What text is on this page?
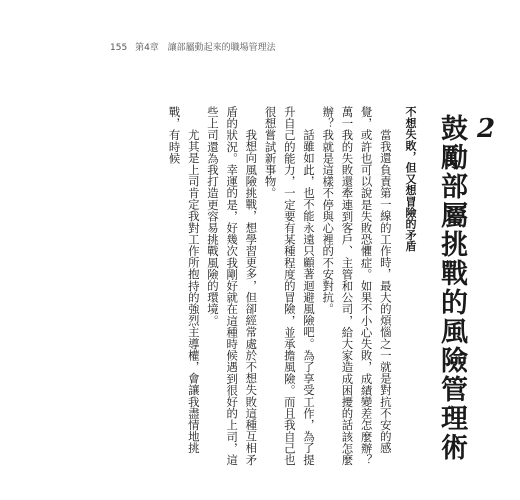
155 第4章 讓部屬動起來的職場管理法
2
鼓勵部屬挑戰的風險管理術

不想失敗，但又想冒險的矛盾

當我還負責第一線的工作時，最大的煩惱之一就是對抗不安的感覺，或許也可以說是失敗恐懼症。如果不小心失敗，成績變差怎麼辦？萬一我的失敗還牽連到客戶、主管和公司，給大家造成困擾的話該怎麼辦？我就是這樣不停與心裡的不安對抗。

話雖如此，也不能永遠只顧著迴避風險吧。為了享受工作，為了提升自己的能力，一定要有某種程度的冒險，並承擔風險。而且我自己也很想嘗試新事物。

我想向風險挑戰，想學習更多，但卻經常處於不想失敗這種互相矛盾的狀況。幸運的是，好幾次我剛好就在這種時候遇到很好的上司，這些上司還為我打造更容易挑戰風險的環境。

尤其是上司肯定我對工作所抱持的強烈主導權，會讓我盡情地挑戰，有時候
